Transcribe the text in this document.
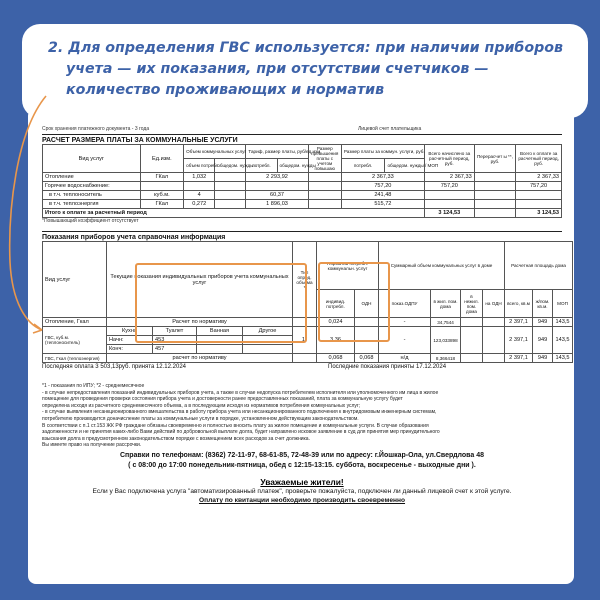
2. Для определения ГВС используется: при наличии приборов
учета — их показания, при отсутствии счетчиков —
количество проживающих и норматив
Срок хранения платежного документа - 3 года	Лицевой счет плательщика
РАСЧЕТ РАЗМЕРА ПЛАТЫ ЗА КОММУНАЛЬНЫЕ УСЛУГИ
Вид услуг	Ед.изм.	Объем коммунальных услуг		Тариф, размер платы, руб/ед.изм		Размер превышения платы с учетом повышаю	Размер платы за коммун. услуги, руб.		Всего начислено за расчетный период, руб.	Перерасчет ы **, руб.	Всего к оплате за расчетный период, руб.
		объем потребл.	общедом. нужды	потребл.	общедом. нужды		потребл.	общедом. нужды / МОП			
Отопление	ГКал	1,032		2 293,92			2 367,33		2 367,33		2 367,33
Горячее водоснабжение:							757,20		757,20		757,20
в т.ч. теплоноситель	куб.м.	4		60,37			241,48				
в т.ч. теплоэнергия	ГКал	0,272		1 896,03			515,72				
Итого к оплате за расчетный период									3 124,53		3 124,53
*Повышающий коэффициент отсутствует
Показания приборов учета справочная информация
Вид услуг	Текущие показания индивидуальных приборов учета коммунальных услуг				Тип опред. объёма *	Норматив потребл. коммунальн. услуг		Суммарный объем коммунальных услуг в доме				Расчетная площадь дома		
						индивид. потребл.	ОДН	показ.ОДПУ	в жил. пом. дома	в нежил. пом. дома	на ОДН	всего, кв.м	ж/пом. кв.м.	МОП
Отопление, Гкал	Расчет по нормативу					0,024		-	34,7544			2 397,1	949	143,5
ГВС, куб.м. (теплоноситель)	Кухня	Туалет	Ванная	Другое	1*	3,36		-	123,033898			2 397,1	949	143,5
	Начн:	453												
	Конч:	457												
ГВС, Гкал (теплоэнергия)	расчет по нормативу					0,068	0,068	н/д	8,366418			2 397,1	949	143,5
Последняя оплата 3 503,13руб. принята 12.12.2024	Последние показания приняты 17.12.2024
*1 - показания по ИПУ; *2 - среднемесячное
- в случае непредоставления показаний индивидуальных приборов учета, а также в случае недопуска потребителем исполнителя или уполномоченного им лица в жилое
помещение для проведения проверки состояния прибора учета и достоверности ранее предоставленных показаний, плата за коммунальную услугу будет
определена исходя из расчетного среднемесячного объема, а в последующем исходя из нормативов потребления коммунальных услуг;
- в случае выявления несанкционированного вмешательства в работу прибора учета или несанкционированного подключения к внутридомовым инженерным системам,
потребителю производится доначисление платы за коммунальные услуги в порядке, установленном действующим законодательством.
В соответствии с п.1 ст.153 ЖК РФ граждане обязаны своевременно и полностью вносить плату за жилое помещение и коммунальные услуги. В случае образования
задолженности и не принятия каких-либо Вами действий по добровольной выплате долга, будет направлено исковое заявление в суд для принятия мер принудительного
взыскания долга в предусмотренном законодательством порядке с возмещением всех расходов за счет должника.
Вы имеете право на получение рассрочки.
Справки по телефонам: (8362) 72-11-97, 68-61-85, 72-48-39 или по адресу: г.Йошкар-Ола, ул.Свердлова 48
( с 08:00 до 17:00 понедельник-пятница, обед с 12:15-13:15. суббота, воскресенье - выходные дни ).
Уважаемые жители!
Если у Вас подключена услуга "автоматизированный платеж", проверьте пожалуйста, подключен ли данный лицевой счет к этой услуге.
Оплату по квитанции необходимо производить своевременно
